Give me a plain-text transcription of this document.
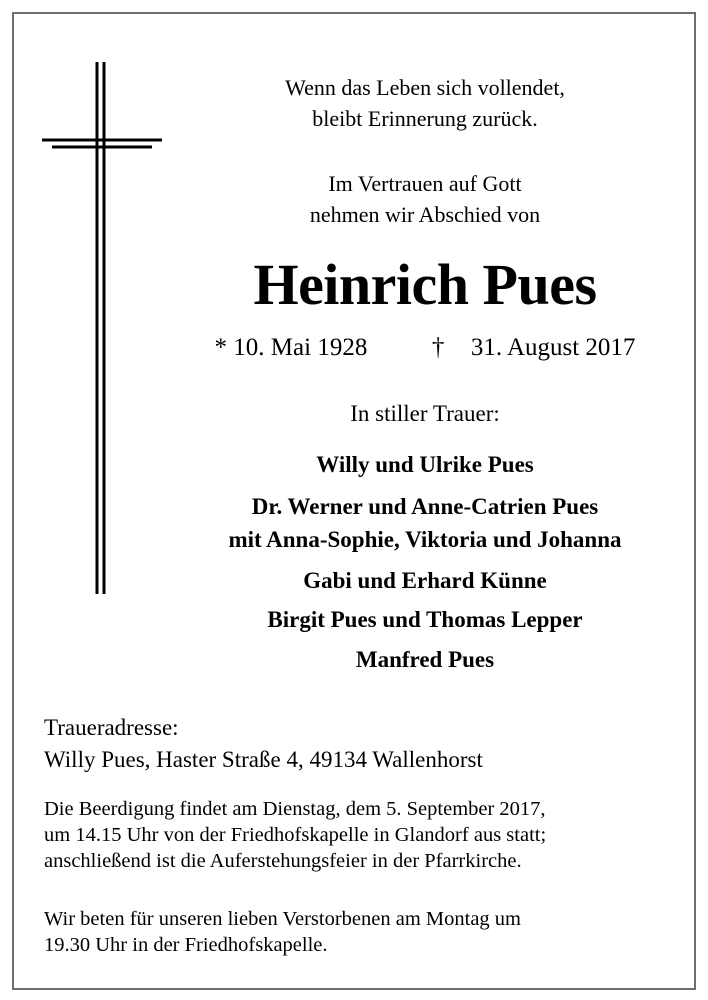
Wenn das Leben sich vollendet,
bleibt Erinnerung zurück.
Im Vertrauen auf Gott
nehmen wir Abschied von
Heinrich Pues
* 10. Mai 1928	† 31. August 2017
In stiller Trauer:
Willy und Ulrike Pues
Dr. Werner und Anne-Catrien Pues
mit Anna-Sophie, Viktoria und Johanna
Gabi und Erhard Künne
Birgit Pues und Thomas Lepper
Manfred Pues
Traueradresse:
Willy Pues, Haster Straße 4, 49134 Wallenhorst
Die Beerdigung findet am Dienstag, dem 5. September 2017,
um 14.15 Uhr von der Friedhofskapelle in Glandorf aus statt;
anschließend ist die Auferstehungsfeier in der Pfarrkirche.
Wir beten für unseren lieben Verstorbenen am Montag um
19.30 Uhr in der Friedhofskapelle.
